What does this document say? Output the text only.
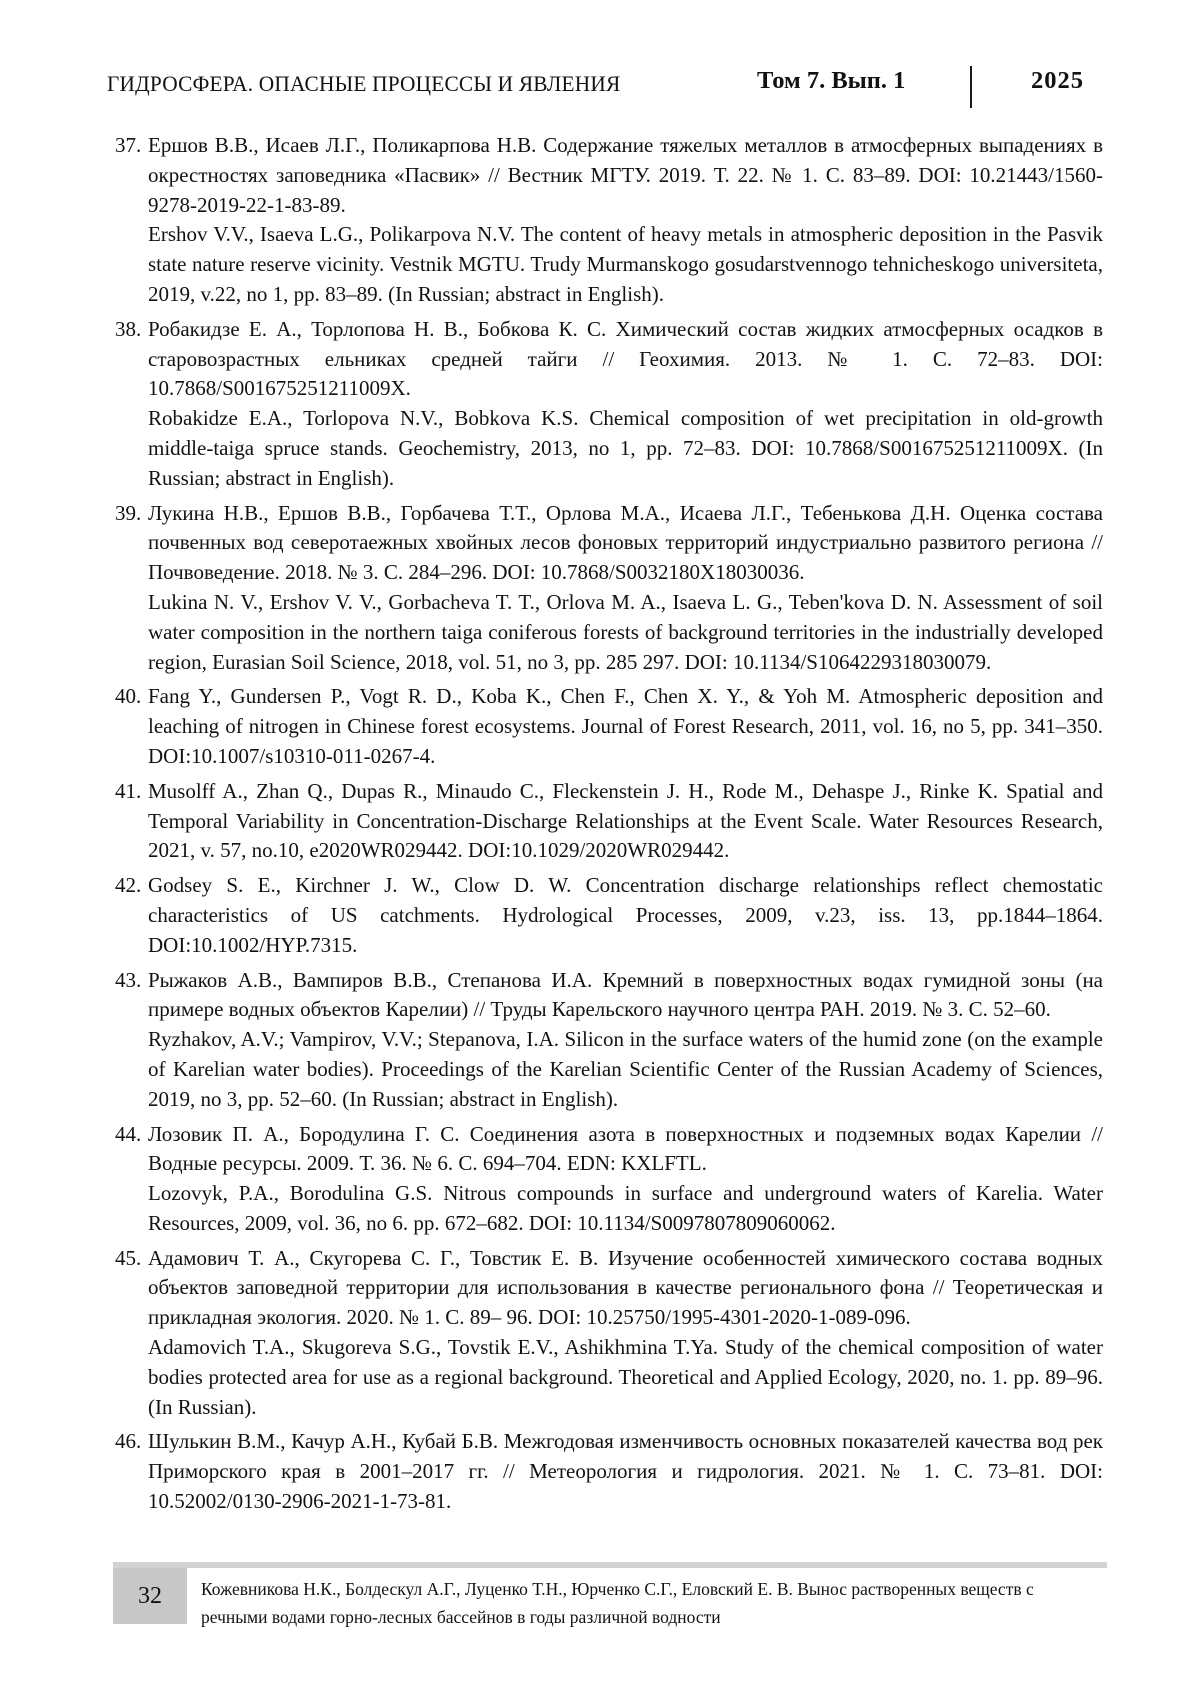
ГИДРОСФЕРА. ОПАСНЫЕ ПРОЦЕССЫ И ЯВЛЕНИЯ	Том 7. Вып. 1	2025
37. Ершов В.В., Исаев Л.Г., Поликарпова Н.В. Содержание тяжелых металлов в атмосферных выпадениях в окрестностях заповедника «Пасвик» // Вестник МГТУ. 2019. Т. 22. № 1. С. 83–89. DOI: 10.21443/1560-9278-2019-22-1-83-89.

Ershov V.V., Isaeva L.G., Polikarpova N.V. The content of heavy metals in atmospheric deposition in the Pasvik state nature reserve vicinity. Vestnik MGTU. Trudy Murmanskogo gosudarstvennogo tehnicheskogo universiteta, 2019, v.22, no 1, pp. 83–89. (In Russian; abstract in English).

38. Робакидзе Е. А., Торлопова Н. В., Бобкова К. С. Химический состав жидких атмосферных осадков в старовозрастных ельниках средней тайги // Геохимия. 2013. № 1. С. 72–83. DOI: 10.7868/S001675251211009X.

Robakidze E.A., Torlopova N.V., Bobkova K.S. Chemical composition of wet precipitation in old-growth middle-taiga spruce stands. Geochemistry, 2013, no 1, pp. 72–83. DOI: 10.7868/S001675251211009X. (In Russian; abstract in English).

39. Лукина Н.В., Ершов В.В., Горбачева Т.Т., Орлова М.А., Исаева Л.Г., Тебенькова Д.Н. Оценка состава почвенных вод северотаежных хвойных лесов фоновых территорий индустриально развитого региона // Почвоведение. 2018. № 3. С. 284–296. DOI: 10.7868/S0032180X18030036.

Lukina N. V., Ershov V. V., Gorbacheva T. T., Orlova M. A., Isaeva L. G., Teben'kova D. N. Assessment of soil water composition in the northern taiga coniferous forests of background territories in the industrially developed region, Eurasian Soil Science, 2018, vol. 51, no 3, pp. 285 297. DOI: 10.1134/S1064229318030079.

40. Fang Y., Gundersen P., Vogt R. D., Koba K., Chen F., Chen X. Y., & Yoh M. Atmospheric deposition and leaching of nitrogen in Chinese forest ecosystems. Journal of Forest Research, 2011, vol. 16, no 5, pp. 341–350. DOI:10.1007/s10310-011-0267-4.

41. Musolff A., Zhan Q., Dupas R., Minaudo C., Fleckenstein J. H., Rode M., Dehaspe J., Rinke K. Spatial and Temporal Variability in Concentration-Discharge Relationships at the Event Scale. Water Resources Research, 2021, v. 57, no.10, e2020WR029442. DOI:10.1029/2020WR029442.

42. Godsey S. E., Kirchner J. W., Clow D. W. Concentration discharge relationships reflect chemostatic characteristics of US catchments. Hydrological Processes, 2009, v.23, iss. 13, pp.1844–1864. DOI:10.1002/HYP.7315.

43. Рыжаков А.В., Вампиров В.В., Степанова И.А. Кремний в поверхностных водах гумидной зоны (на примере водных объектов Карелии) // Труды Карельского научного центра РАН. 2019. № 3. С. 52–60.

Ryzhakov, A.V.; Vampirov, V.V.; Stepanova, I.A. Silicon in the surface waters of the humid zone (on the example of Karelian water bodies). Proceedings of the Karelian Scientific Center of the Russian Academy of Sciences, 2019, no 3, pp. 52–60. (In Russian; abstract in English).

44. Лозовик П. А., Бородулина Г. С. Соединения азота в поверхностных и подземных водах Карелии // Водные ресурсы. 2009. Т. 36. № 6. С. 694–704. EDN: KXLFTL.

Lozovyk, P.A., Borodulina G.S. Nitrous compounds in surface and underground waters of Karelia. Water Resources, 2009, vol. 36, no 6. pp. 672–682. DOI: 10.1134/S0097807809060062.

45. Адамович Т. А., Скугорева С. Г., Товстик Е. В. Изучение особенностей химического состава водных объектов заповедной территории для использования в качестве регионального фона // Теоретическая и прикладная экология. 2020. № 1. С. 89– 96. DOI: 10.25750/1995-4301-2020-1-089-096.

Adamovich T.A., Skugoreva S.G., Tovstik E.V., Ashikhmina T.Ya. Study of the chemical composition of water bodies protected area for use as a regional background. Theoretical and Applied Ecology, 2020, no. 1. pp. 89–96. (In Russian).

46. Шулькин В.М., Качур А.Н., Кубай Б.В. Межгодовая изменчивость основных показателей качества вод рек Приморского края в 2001–2017 гг. // Метеорология и гидрология. 2021. № 1. С. 73–81. DOI: 10.52002/0130-2906-2021-1-73-81.

32 Кожевникова Н.К., Болдескул А.Г., Луценко Т.Н., Юрченко С.Г., Еловский Е. В. Вынос растворенных веществ с речными водами горно-лесных бассейнов в годы различной водности
